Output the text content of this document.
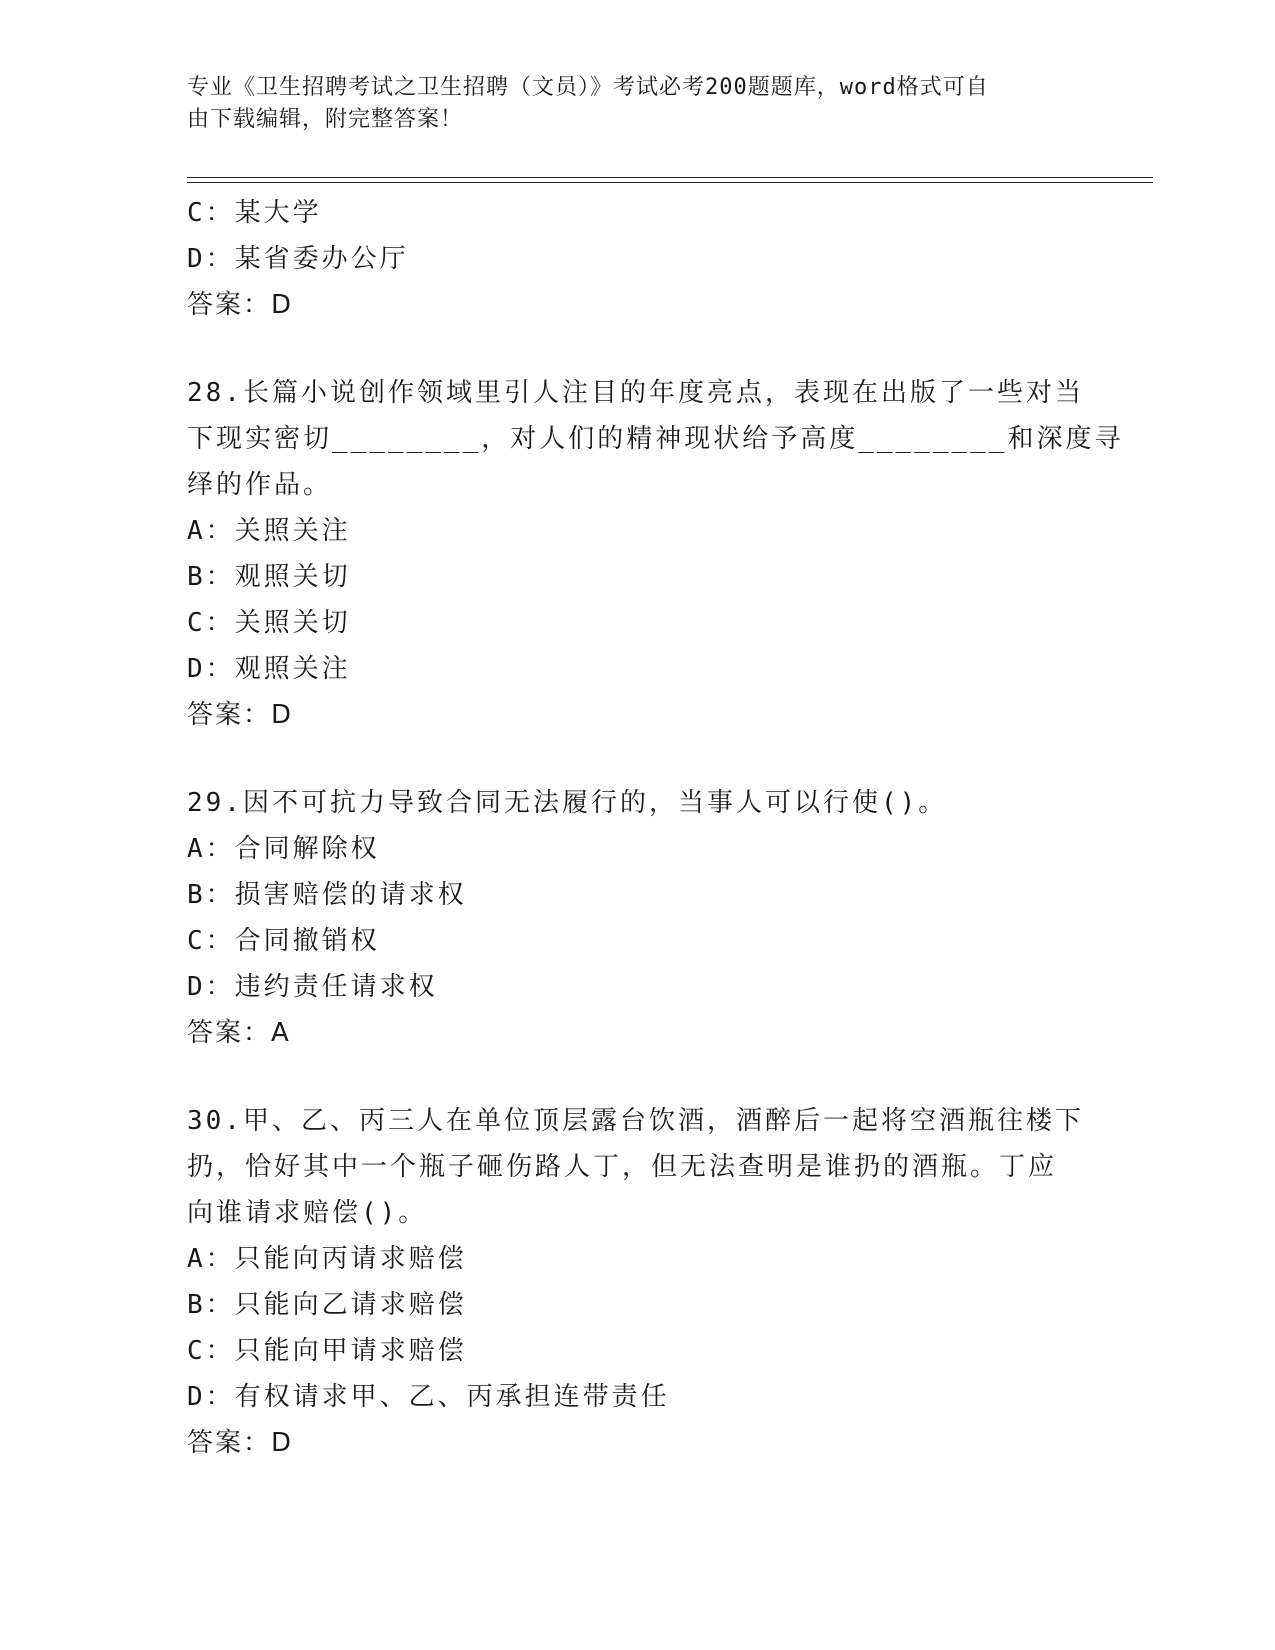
专业《卫生招聘考试之卫生招聘（文员）》考试必考200题题库，word格式可自
由下载编辑，附完整答案！
C：某大学
D：某省委办公厅
答案：D
28.长篇小说创作领域里引人注目的年度亮点，表现在出版了一些对当
下现实密切________，对人们的精神现状给予高度________和深度寻
绎的作品。
A：关照关注
B：观照关切
C：关照关切
D：观照关注
答案：D
29.因不可抗力导致合同无法履行的，当事人可以行使()。
A：合同解除权
B：损害赔偿的请求权
C：合同撤销权
D：违约责任请求权
答案：A
30.甲、乙、丙三人在单位顶层露台饮酒，酒醉后一起将空酒瓶往楼下
扔，恰好其中一个瓶子砸伤路人丁，但无法查明是谁扔的酒瓶。丁应
向谁请求赔偿()。
A：只能向丙请求赔偿
B：只能向乙请求赔偿
C：只能向甲请求赔偿
D：有权请求甲、乙、丙承担连带责任
答案：D
